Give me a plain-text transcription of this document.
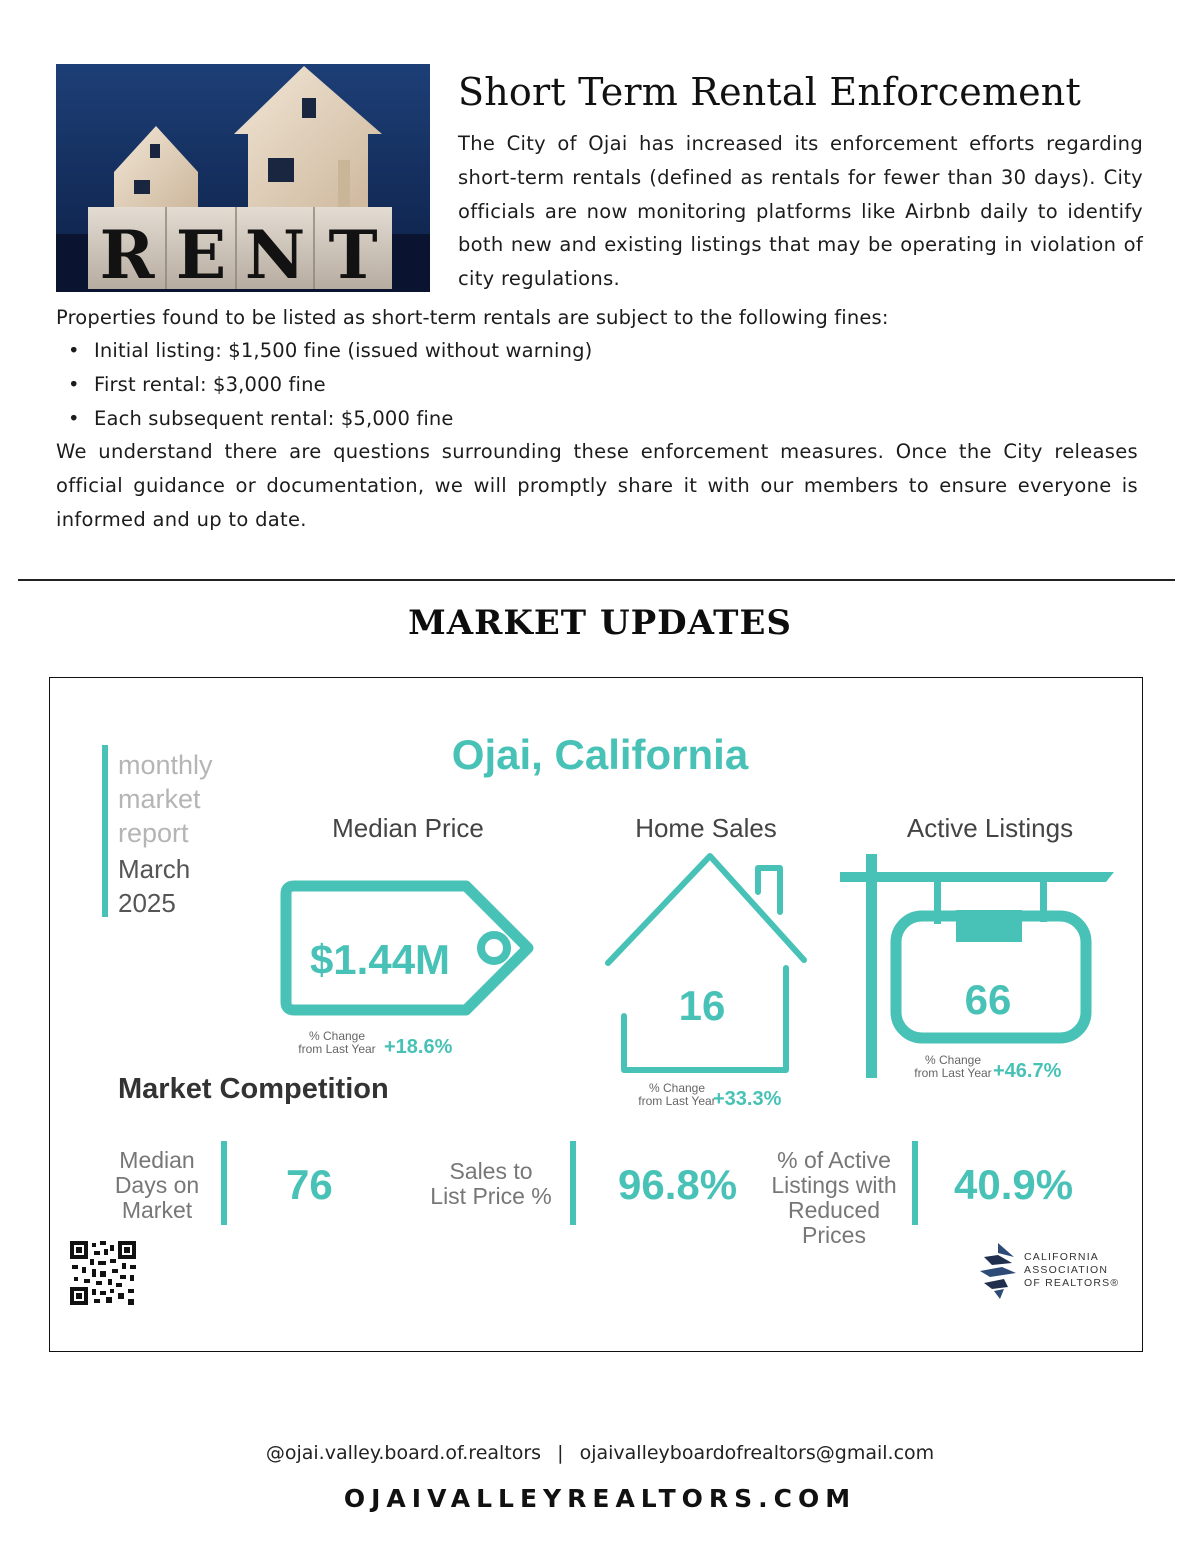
R E N T
Short Term Rental Enforcement

The City of Ojai has increased its enforcement efforts regarding short-term rentals (defined as rentals for fewer than 30 days). City officials are now monitoring platforms like Airbnb daily to identify both new and existing listings that may be operating in violation of city regulations.

Properties found to be listed as short-term rentals are subject to the following fines:

• Initial listing: $1,500 fine (issued without warning)
• First rental: $3,000 fine
• Each subsequent rental: $5,000 fine

We understand there are questions surrounding these enforcement measures. Once the City releases official guidance or documentation, we will promptly share it with our members to ensure everyone is informed and up to date.

MARKET UPDATES
monthly
market
report
March
2025
Ojai, California
Median Price
$1.44M
% Change
from Last Year +18.6%
Home Sales
16
% Change
from Last Year
+33.3%
Active Listings
66
% Change
from Last Year +46.7%
Market Competition
Median
Days on
Market
76	Sales to
List Price % 96.8%
% of Active
Listings with
Reduced Prices
40.9%
CALIFORNIA
ASSOCIATION
OF REALTORS®
@ojai.valley.board.of.realtors | ojaivalleyboardofrealtors@gmail.com
OJAIVALLEYREALTORS.COM
